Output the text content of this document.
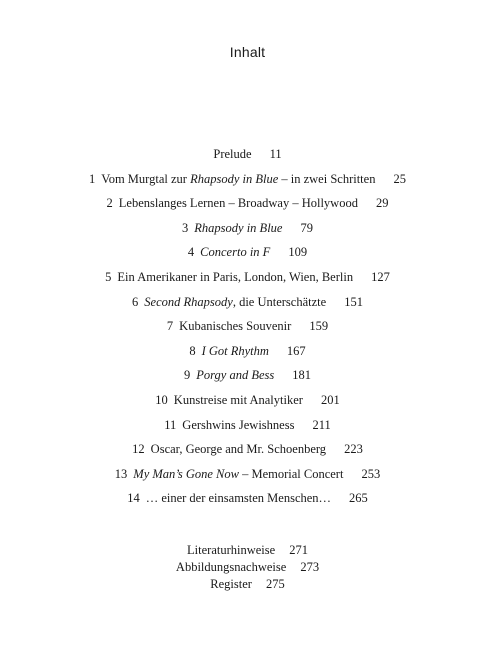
Inhalt
Prelude 11
1 Vom Murgtal zur Rhapsody in Blue – in zwei Schritten 25
2 Lebenslanges Lernen – Broadway – Hollywood 29
3 Rhapsody in Blue 79
4 Concerto in F 109
5 Ein Amerikaner in Paris, London, Wien, Berlin 127
6 Second Rhapsody, die Unterschätzte 151
7 Kubanisches Souvenir 159
8 I Got Rhythm 167
9 Porgy and Bess 181
10 Kunstreise mit Analytiker 201
11 Gershwins Jewishness 211
12 Oscar, George and Mr. Schoenberg 223
13 My Man’s Gone Now – Memorial Concert 253
14 … einer der einsamsten Menschen… 265
Literaturhinweise 271
Abbildungsnachweise 273
Register 275
